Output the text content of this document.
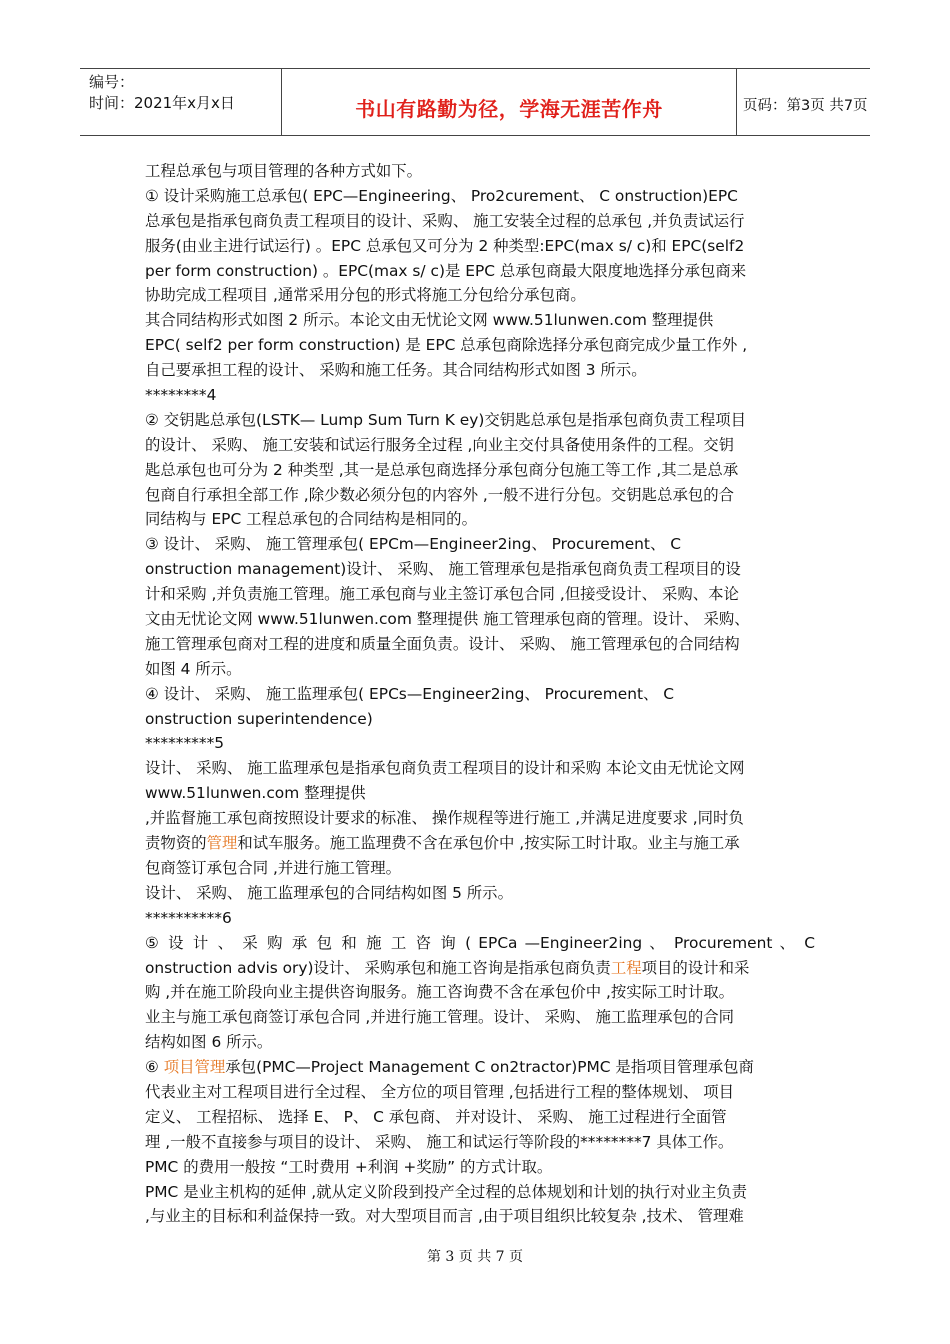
编号：
时间：2021年x月x日	书山有路勤为径，学海无涯苦作舟	页码：第3页 共7页
工程总承包与项目管理的各种方式如下。
① 设计采购施工总承包( EPC—Engineering、 Pro2curement、 C onstruction)EPC
总承包是指承包商负责工程项目的设计、采购、 施工安装全过程的总承包 ,并负责试运行
服务(由业主进行试运行) 。EPC 总承包又可分为 2 种类型:EPC(max s/ c)和 EPC(self2
per form construction) 。EPC(max s/ c)是 EPC 总承包商最大限度地选择分承包商来
协助完成工程项目 ,通常采用分包的形式将施工分包给分承包商。
其合同结构形式如图 2 所示。本论文由无忧论文网 www.51lunwen.com 整理提供
EPC( self2 per form construction) 是 EPC 总承包商除选择分承包商完成少量工作外 ,
自己要承担工程的设计、 采购和施工任务。其合同结构形式如图 3 所示。
********4
② 交钥匙总承包(LSTK— Lump Sum Turn K ey)交钥匙总承包是指承包商负责工程项目
的设计、 采购、 施工安装和试运行服务全过程 ,向业主交付具备使用条件的工程。交钥
匙总承包也可分为 2 种类型 ,其一是总承包商选择分承包商分包施工等工作 ,其二是总承
包商自行承担全部工作 ,除少数必须分包的内容外 ,一般不进行分包。交钥匙总承包的合
同结构与 EPC 工程总承包的合同结构是相同的。
③ 设计、 采购、 施工管理承包( EPCm—Engineer2ing、 Procurement、 C
onstruction management)设计、 采购、 施工管理承包是指承包商负责工程项目的设
计和采购 ,并负责施工管理。施工承包商与业主签订承包合同 ,但接受设计、 采购、本论
文由无忧论文网 www.51lunwen.com 整理提供 施工管理承包商的管理。设计、 采购、
施工管理承包商对工程的进度和质量全面负责。设计、 采购、 施工管理承包的合同结构
如图 4 所示。
④ 设计、 采购、 施工监理承包( EPCs—Engineer2ing、 Procurement、 C
onstruction superintendence)
*********5
设计、 采购、 施工监理承包是指承包商负责工程项目的设计和采购 本论文由无忧论文网
www.51lunwen.com 整理提供
,并监督施工承包商按照设计要求的标准、 操作规程等进行施工 ,并满足进度要求 ,同时负
责物资的管理和试车服务。施工监理费不含在承包价中 ,按实际工时计取。业主与施工承
包商签订承包合同 ,并进行施工管理。
设计、 采购、 施工监理承包的合同结构如图 5 所示。
**********6
⑤ 设 计 、 采 购 承 包 和 施 工 咨 询 ( EPCa —Engineer2ing 、 Procurement 、 C
onstruction advis ory)设计、 采购承包和施工咨询是指承包商负责工程项目的设计和采
购 ,并在施工阶段向业主提供咨询服务。施工咨询费不含在承包价中 ,按实际工时计取。
业主与施工承包商签订承包合同 ,并进行施工管理。设计、 采购、 施工监理承包的合同
结构如图 6 所示。
⑥ 项目管理承包(PMC—Project Management C on2tractor)PMC 是指项目管理承包商
代表业主对工程项目进行全过程、 全方位的项目管理 ,包括进行工程的整体规划、 项目
定义、 工程招标、 选择 E、 P、 C 承包商、 并对设计、 采购、 施工过程进行全面管
理 ,一般不直接参与项目的设计、 采购、 施工和试运行等阶段的********7 具体工作。
PMC 的费用一般按 “工时费用 +利润 +奖励” 的方式计取。
PMC 是业主机构的延伸 ,就从定义阶段到投产全过程的总体规划和计划的执行对业主负责
,与业主的目标和利益保持一致。对大型项目而言 ,由于项目组织比较复杂 ,技术、 管理难
第 3 页 共 7 页
